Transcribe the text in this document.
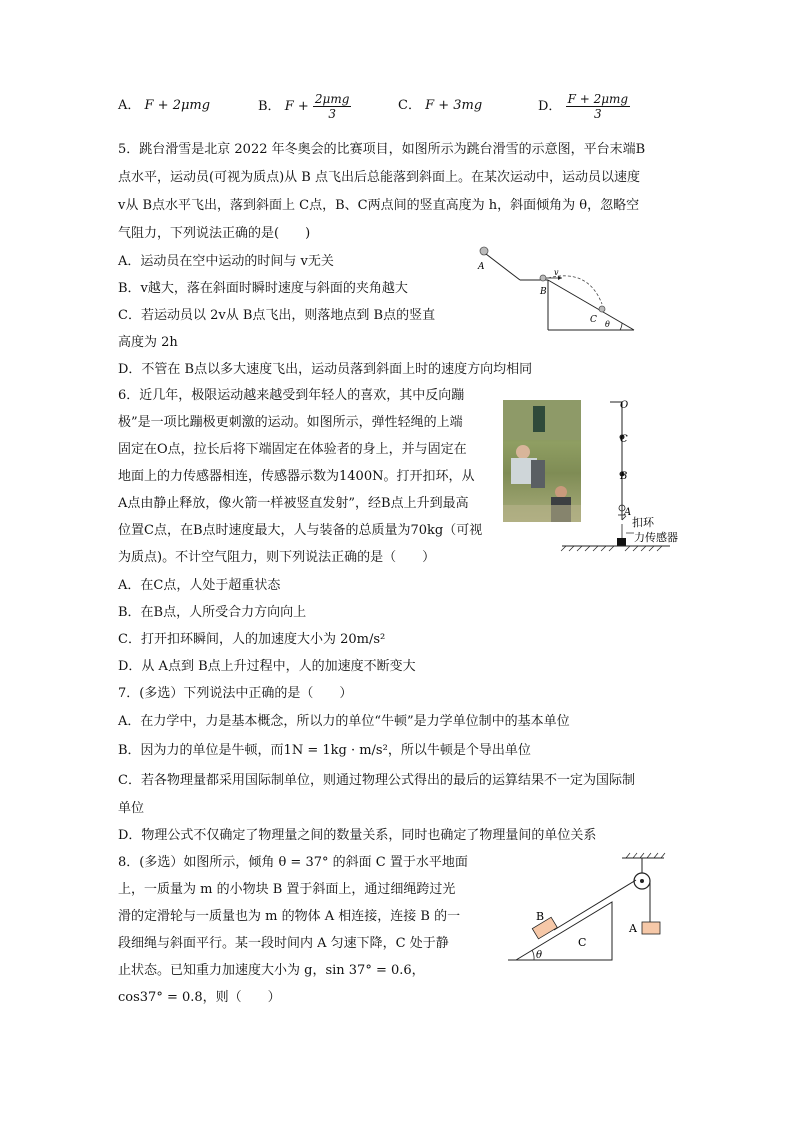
A． F + 2μmg	B． $F + \frac{\text{2μmg}}{3}$	C． F + 3mg	D． $\frac{\text{F + 2μmg}}{3}$
5．跳台滑雪是北京 2022 年冬奥会的比赛项目，如图所示为跳台滑雪的示意图，平台末端B
点水平，运动员(可视为质点)从 B 点飞出后总能落到斜面上。在某次运动中，运动员以速度
v从 B点水平飞出，落到斜面上 C点，B、C两点间的竖直高度为 h，斜面倾角为 θ，忽略空
气阻力，下列说法正确的是(　　)
A．运动员在空中运动的时间与 v无关
B．v越大，落在斜面时瞬时速度与斜面的夹角越大
C．若运动员以 2v从 B点飞出，则落地点到 B点的竖直
高度为 2h
D．不管在 B点以多大速度飞出，运动员落到斜面上时的速度方向均相同
A
B
v
C θ
6．近几年，极限运动越来越受到年轻人的喜欢，其中反向蹦
极”是一项比蹦极更刺激的运动。如图所示，弹性轻绳的上端
固定在O点，拉长后将下端固定在体验者的身上，并与固定在
地面上的力传感器相连，传感器示数为1400N。打开扣环，从
A点由静止释放，像火箭一样被竖直发射”，经B点上升到最高
位置C点，在B点时速度最大，人与装备的总质量为70kg（可视
为质点)。不计空气阻力，则下列说法正确的是（　　）
A．在C点，人处于超重状态
B．在B点，人所受合力方向向上
C．打开扣环瞬间，人的加速度大小为 20m/s²
D．从 A点到 B点上升过程中，人的加速度不断变大
O
C
B
A
扣环
力传感器
7．(多选）下列说法中正确的是（　　）
A．在力学中，力是基本概念，所以力的单位“牛顿”是力学单位制中的基本单位
B．因为力的单位是牛顿，而1N = 1kg · m/s²，所以牛顿是个导出单位
C．若各物理量都采用国际制单位，则通过物理公式得出的最后的运算结果不一定为国际制
单位
D．物理公式不仅确定了物理量之间的数量关系，同时也确定了物理量间的单位关系
8．(多选）如图所示，倾角 θ = 37° 的斜面 C 置于水平地面
上，一质量为 m 的小物块 B 置于斜面上，通过细绳跨过光
滑的定滑轮与一质量也为 m 的物体 A 相连接，连接 B 的一
段细绳与斜面平行。某一段时间内 A 匀速下降，C 处于静
止状态。已知重力加速度大小为 g，sin 37° = 0.6，
cos37° = 0.8，则（　　）
B
C
A
θ
